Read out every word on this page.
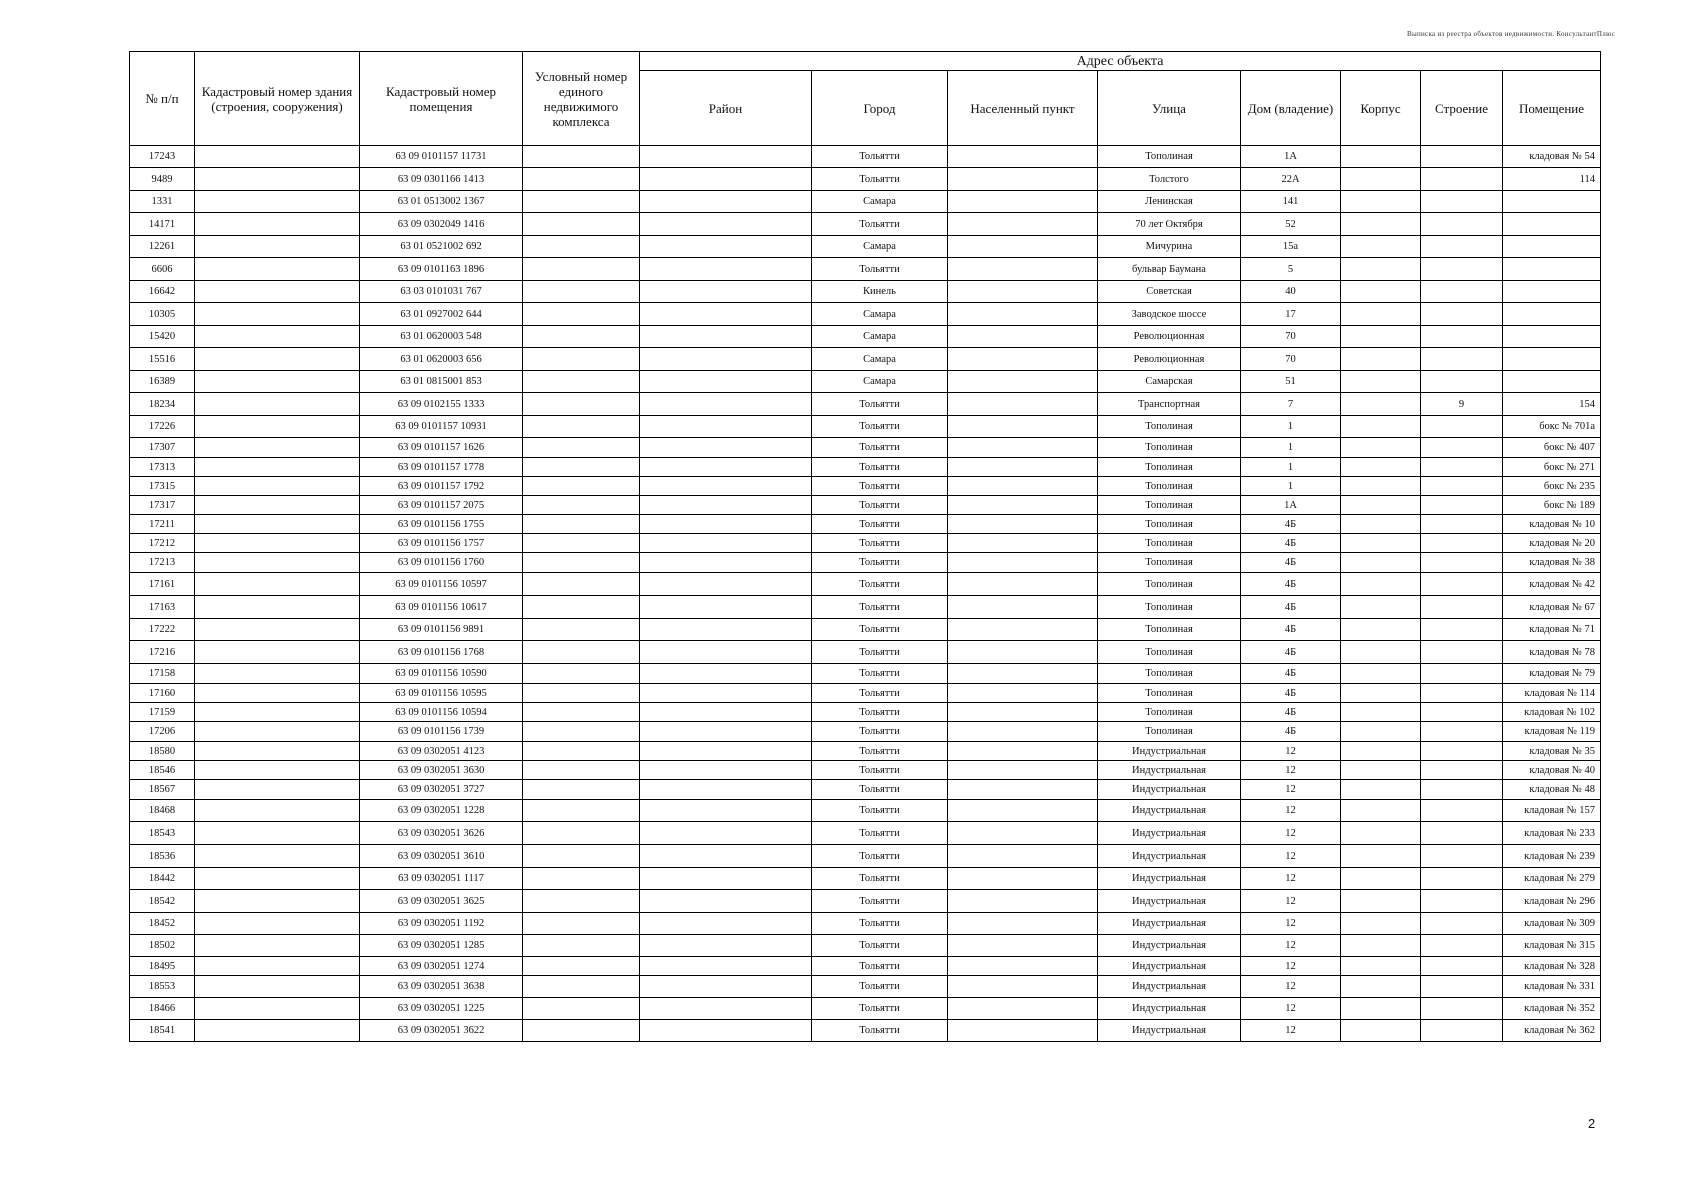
Выписка из реестра объектов недвижимости. КонсультантПлюс
№ п/п	Кадастровый номер здания (строения, сооружения)	Кадастровый номер помещения	Условный номер единого недвижимого комплекса	Адрес объекта							
				Район	Город	Населенный пункт	Улица	Дом (владение)	Корпус	Строение	Помещение
17243		63 09 0101157 11731			Тольятти		Тополиная	1А			кладовая № 54
9489		63 09 0301166 1413			Тольятти		Толстого	22А			114
1331		63 01 0513002 1367			Самара		Ленинская	141			
14171		63 09 0302049 1416			Тольятти		70 лет Октября	52			
12261		63 01 0521002 692			Самара		Мичурина	15а			
6606		63 09 0101163 1896			Тольятти		бульвар Баумана	5			
16642		63 03 0101031 767			Кинель		Советская	40			
10305		63 01 0927002 644			Самара		Заводское шоссе	17			
15420		63 01 0620003 548			Самара		Революционная	70			
15516		63 01 0620003 656			Самара		Революционная	70			
16389		63 01 0815001 853			Самара		Самарская	51			
18234		63 09 0102155 1333			Тольятти		Транспортная	7		9	154
17226		63 09 0101157 10931			Тольятти		Тополиная	1			бокс № 701а
17307		63 09 0101157 1626			Тольятти		Тополиная	1			бокс № 407
17313		63 09 0101157 1778			Тольятти		Тополиная	1			бокс № 271
17315		63 09 0101157 1792			Тольятти		Тополиная	1			бокс № 235
17317		63 09 0101157 2075			Тольятти		Тополиная	1А			бокс № 189
17211		63 09 0101156 1755			Тольятти		Тополиная	4Б			кладовая № 10
17212		63 09 0101156 1757			Тольятти		Тополиная	4Б			кладовая № 20
17213		63 09 0101156 1760			Тольятти		Тополиная	4Б			кладовая № 38
17161		63 09 0101156 10597			Тольятти		Тополиная	4Б			кладовая № 42
17163		63 09 0101156 10617			Тольятти		Тополиная	4Б			кладовая № 67
17222		63 09 0101156 9891			Тольятти		Тополиная	4Б			кладовая № 71
17216		63 09 0101156 1768			Тольятти		Тополиная	4Б			кладовая № 78
17158		63 09 0101156 10590			Тольятти		Тополиная	4Б			кладовая № 79
17160		63 09 0101156 10595			Тольятти		Тополиная	4Б			кладовая № 114
17159		63 09 0101156 10594			Тольятти		Тополиная	4Б			кладовая № 102
17206		63 09 0101156 1739			Тольятти		Тополиная	4Б			кладовая № 119
18580		63 09 0302051 4123			Тольятти		Индустриальная	12			кладовая № 35
18546		63 09 0302051 3630			Тольятти		Индустриальная	12			кладовая № 40
18567		63 09 0302051 3727			Тольятти		Индустриальная	12			кладовая № 48
18468		63 09 0302051 1228			Тольятти		Индустриальная	12			кладовая № 157
18543		63 09 0302051 3626			Тольятти		Индустриальная	12			кладовая № 233
18536		63 09 0302051 3610			Тольятти		Индустриальная	12			кладовая № 239
18442		63 09 0302051 1117			Тольятти		Индустриальная	12			кладовая № 279
18542		63 09 0302051 3625			Тольятти		Индустриальная	12			кладовая № 296
18452		63 09 0302051 1192			Тольятти		Индустриальная	12			кладовая № 309
18502		63 09 0302051 1285			Тольятти		Индустриальная	12			кладовая № 315
18495		63 09 0302051 1274			Тольятти		Индустриальная	12			кладовая № 328
18553		63 09 0302051 3638			Тольятти		Индустриальная	12			кладовая № 331
18466		63 09 0302051 1225			Тольятти		Индустриальная	12			кладовая № 352
18541		63 09 0302051 3622			Тольятти		Индустриальная	12			кладовая № 362
2
